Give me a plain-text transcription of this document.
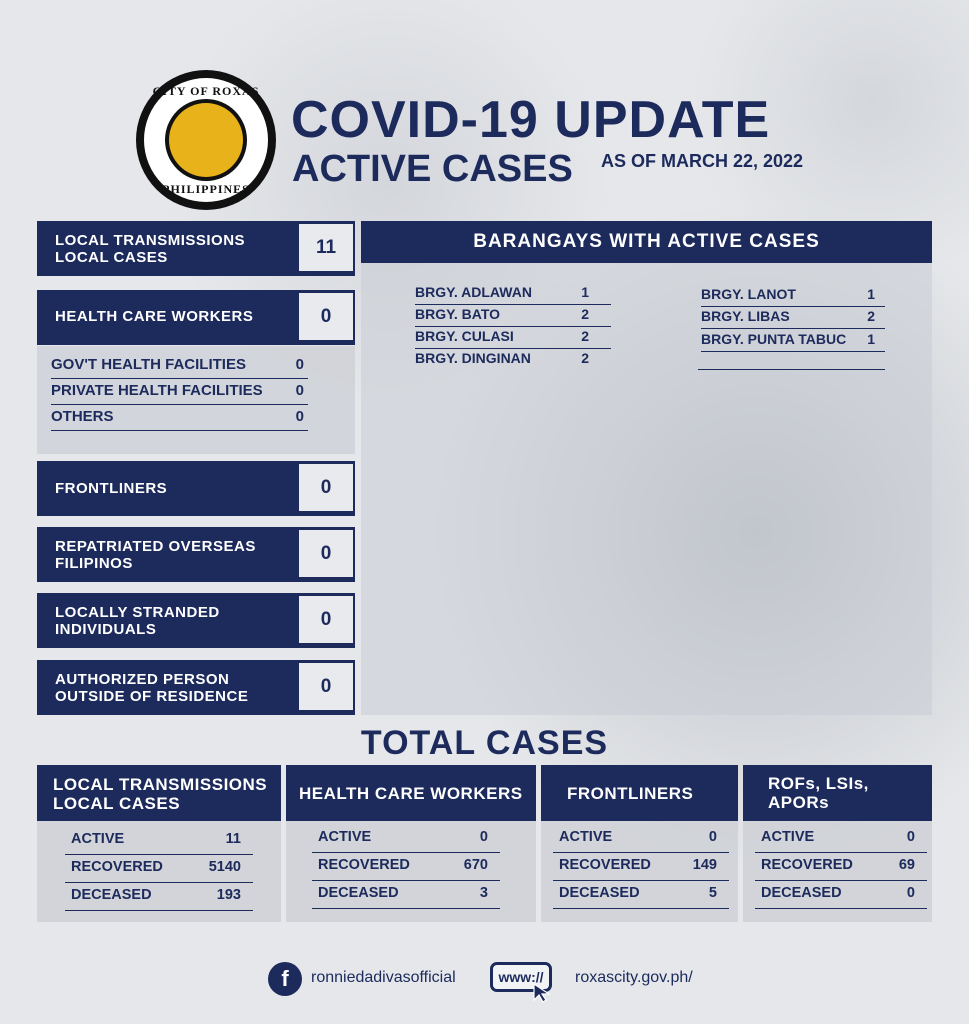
CITY OF ROXAS
PHILIPPINES
COVID-19 UPDATE
ACTIVE CASES AS OF MARCH 22, 2022
LOCAL TRANSMISSIONS
LOCAL CASES	11
HEALTH CARE WORKERS	0
GOV'T HEALTH FACILITIES	0
PRIVATE HEALTH FACILITIES 0
OTHERS	0
FRONTLINERS	0
REPATRIATED OVERSEAS
FILIPINOS	0
LOCALLY STRANDED
INDIVIDUALS	0
AUTHORIZED PERSON
OUTSIDE OF RESIDENCE	0
BARANGAYS WITH ACTIVE CASES
BRGY. ADLAWAN	1
BRGY. BATO	2
BRGY. CULASI	2
BRGY. DINGINAN	2
BRGY. LANOT	1
BRGY. LIBAS	2
BRGY. PUNTA TABUC 1
TOTAL CASES
LOCAL TRANSMISSIONS
LOCAL CASES
ACTIVE	11
RECOVERED	5140
DECEASED	193
HEALTH CARE WORKERS
ACTIVE	0
RECOVERED	670
DECEASED	3
FRONTLINERS
ACTIVE	0
RECOVERED	149
DECEASED	5
ROFs, LSIs,
APORs
ACTIVE	0
RECOVERED	69
DECEASED	0
f	ronniedadivasofficial	www:// roxascity.gov.ph/
